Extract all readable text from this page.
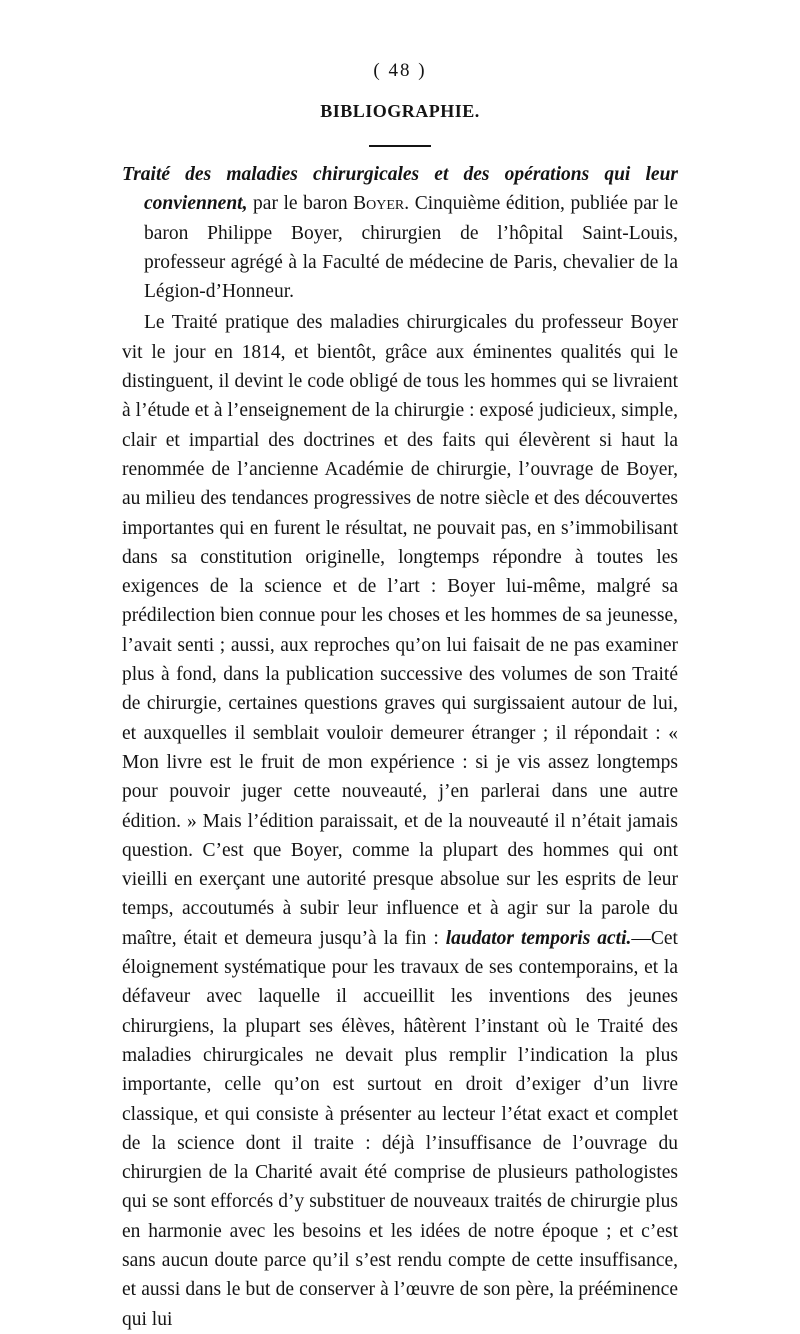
( 48 )
BIBLIOGRAPHIE.

Traité des maladies chirurgicales et des opérations qui leur conviennent, par le baron Boyer. Cinquième édition, publiée par le baron Philippe Boyer, chirurgien de l’hôpital Saint-Louis, professeur agrégé à la Faculté de médecine de Paris, chevalier de la Légion-d’Honneur.

Le Traité pratique des maladies chirurgicales du professeur Boyer vit le jour en 1814, et bientôt, grâce aux éminentes qualités qui le distinguent, il devint le code obligé de tous les hommes qui se livraient à l’étude et à l’enseignement de la chirurgie : exposé judicieux, simple, clair et impartial des doctrines et des faits qui élevèrent si haut la renommée de l’ancienne Académie de chirurgie, l’ouvrage de Boyer, au milieu des tendances progressives de notre siècle et des découvertes importantes qui en furent le résultat, ne pouvait pas, en s’immobilisant dans sa constitution originelle, longtemps répondre à toutes les exigences de la science et de l’art : Boyer lui-même, malgré sa prédilection bien connue pour les choses et les hommes de sa jeunesse, l’avait senti ; aussi, aux reproches qu’on lui faisait de ne pas examiner plus à fond, dans la publication successive des volumes de son Traité de chirurgie, certaines questions graves qui surgissaient autour de lui, et auxquelles il semblait vouloir demeurer étranger ; il répondait : « Mon livre est le fruit de mon expérience : si je vis assez longtemps pour pouvoir juger cette nouveauté, j’en parlerai dans une autre édition. » Mais l’édition paraissait, et de la nouveauté il n’était jamais question. C’est que Boyer, comme la plupart des hommes qui ont vieilli en exerçant une autorité presque absolue sur les esprits de leur temps, accoutumés à subir leur influence et à agir sur la parole du maître, était et demeura jusqu’à la fin : laudator temporis acti.—Cet éloignement systématique pour les travaux de ses contemporains, et la défaveur avec laquelle il accueillit les inventions des jeunes chirurgiens, la plupart ses élèves, hâtèrent l’instant où le Traité des maladies chirurgicales ne devait plus remplir l’indication la plus importante, celle qu’on est surtout en droit d’exiger d’un livre classique, et qui consiste à présenter au lecteur l’état exact et complet de la science dont il traite : déjà l’insuffisance de l’ouvrage du chirurgien de la Charité avait été comprise de plusieurs pathologistes qui se sont efforcés d’y substituer de nouveaux traités de chirurgie plus en harmonie avec les besoins et les idées de notre époque ; et c’est sans aucun doute parce qu’il s’est rendu compte de cette insuffisance, et aussi dans le but de conserver à l’œuvre de son père, la prééminence qui lui
